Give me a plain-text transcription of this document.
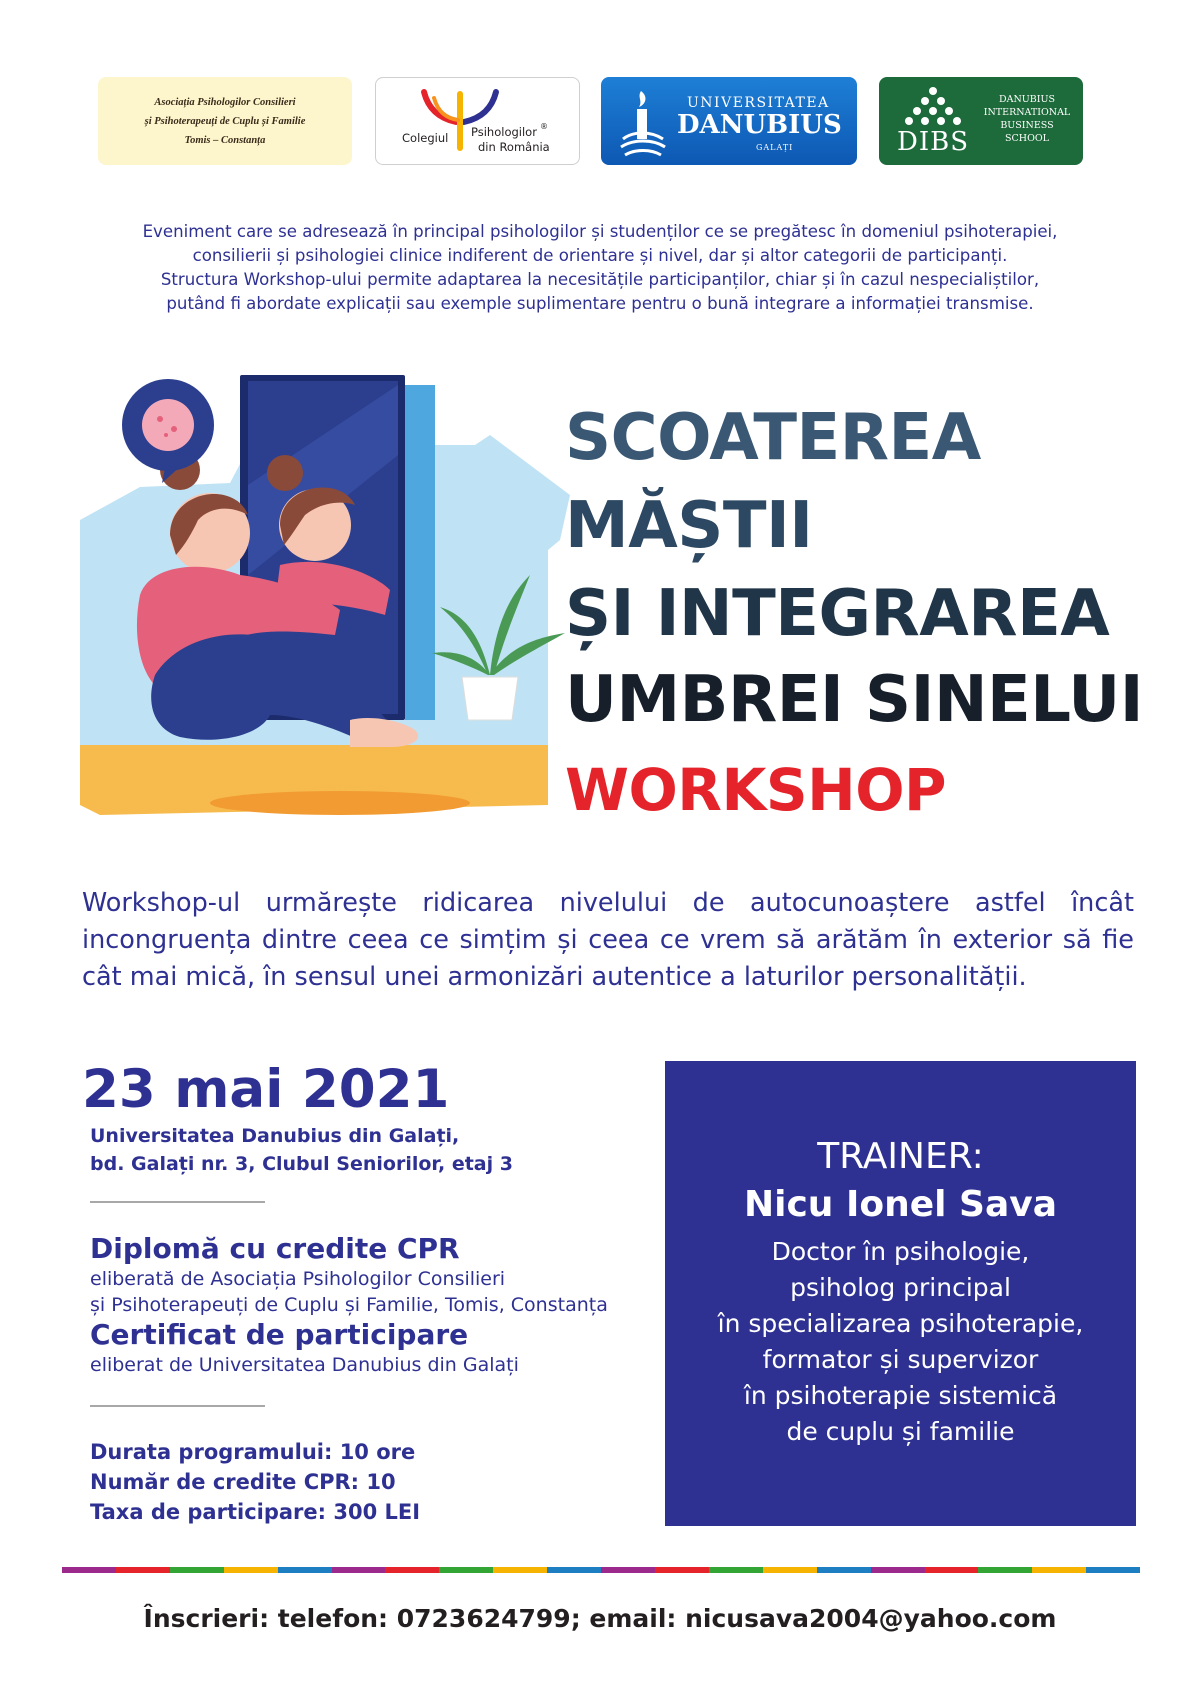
Asociația Psihologilor Consilieri
și Psihoterapeuți de Cuplu și Familie
Tomis – Constanța	Colegiul Psihologilor ®
din România
UNIVERSITATEA
DANUBIUS
GALAȚI	DIBS
DANUBIUS
INTERNATIONAL
BUSINESS
SCHOOL

Eveniment care se adresează în principal psihologilor și studenților ce se pregătesc în domeniul psihoterapiei,

consilierii și psihologiei clinice indiferent de orientare și nivel, dar și altor categorii de participanți.

Structura Workshop-ului permite adaptarea la necesitățile participanților, chiar și în cazul nespecialiștilor,

putând fi abordate explicații sau exemple suplimentare pentru o bună integrare a informației transmise.

SCOATEREA
MĂȘTII
ȘI INTEGRAREA
UMBREI SINELUI
WORKSHOP

Workshop-ul urmărește ridicarea nivelului de autocunoaștere astfel încât incongruența dintre ceea ce simțim și ceea ce vrem să arătăm în exterior să fie cât mai mică, în sensul unei armonizări autentice a laturilor personalității.

23 mai 2021
Universitatea Danubius din Galați,
bd. Galați nr. 3, Clubul Seniorilor, etaj 3
Diplomă cu credite CPR
eliberată de Asociația Psihologilor Consilieri
și Psihoterapeuți de Cuplu și Familie, Tomis, Constanța
Certificat de participare
eliberat de Universitatea Danubius din Galați
Durata programului: 10 ore
Număr de credite CPR: 10
Taxa de participare: 300 LEI
TRAINER:
Nicu Ionel Sava
Doctor în psihologie,
psiholog principal
în specializarea psihoterapie,
formator și supervizor
în psihoterapie sistemică
de cuplu și familie
Înscrieri: telefon: 0723624799; email: nicusava2004@yahoo.com
